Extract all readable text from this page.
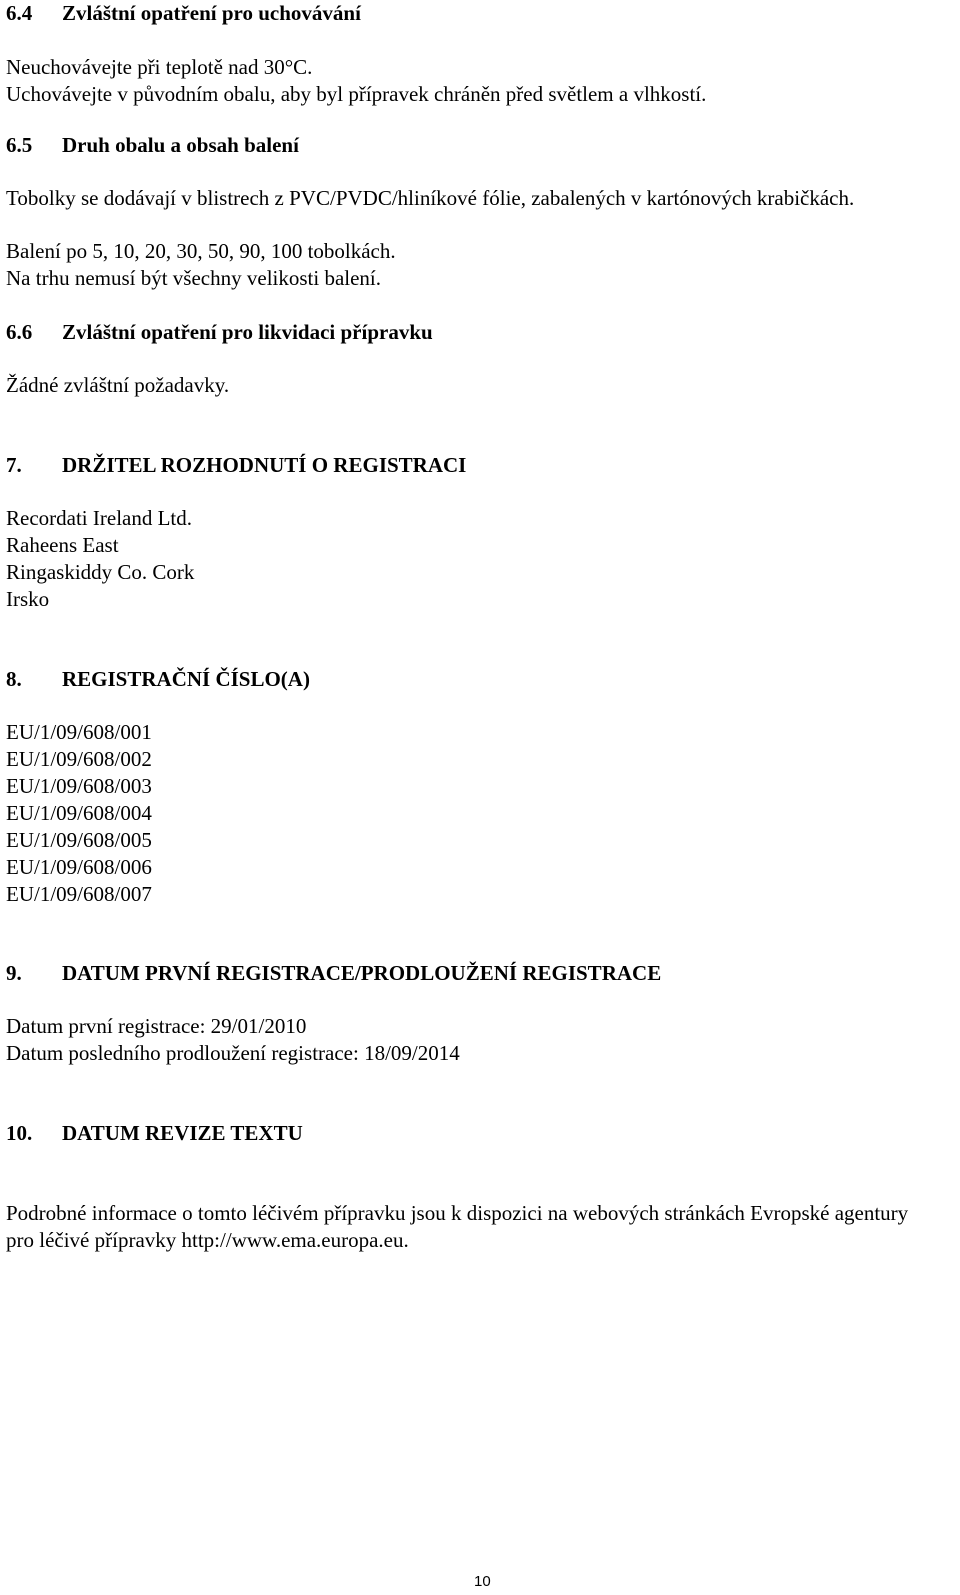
6.4 Zvláštní opatření pro uchovávání
Neuchovávejte při teplotě nad 30°C.
Uchovávejte v původním obalu, aby byl přípravek chráněn před světlem a vlhkostí.
6.5 Druh obalu a obsah balení
Tobolky se dodávají v blistrech z PVC/PVDC/hliníkové fólie, zabalených v kartónových krabičkách.
Balení po 5, 10, 20, 30, 50, 90, 100 tobolkách.
Na trhu nemusí být všechny velikosti balení.
6.6 Zvláštní opatření pro likvidaci přípravku
Žádné zvláštní požadavky.
7. DRŽITEL ROZHODNUTÍ O REGISTRACI
Recordati Ireland Ltd.
Raheens East
Ringaskiddy Co. Cork
Irsko
8. REGISTRAČNÍ ČÍSLO(A)
EU/1/09/608/001
EU/1/09/608/002
EU/1/09/608/003
EU/1/09/608/004
EU/1/09/608/005
EU/1/09/608/006
EU/1/09/608/007
9. DATUM PRVNÍ REGISTRACE/PRODLOUŽENÍ REGISTRACE
Datum první registrace: 29/01/2010
Datum posledního prodloužení registrace: 18/09/2014
10. DATUM REVIZE TEXTU
Podrobné informace o tomto léčivém přípravku jsou k dispozici na webových stránkách Evropské agentury pro léčivé přípravky http://www.ema.europa.eu.
10
